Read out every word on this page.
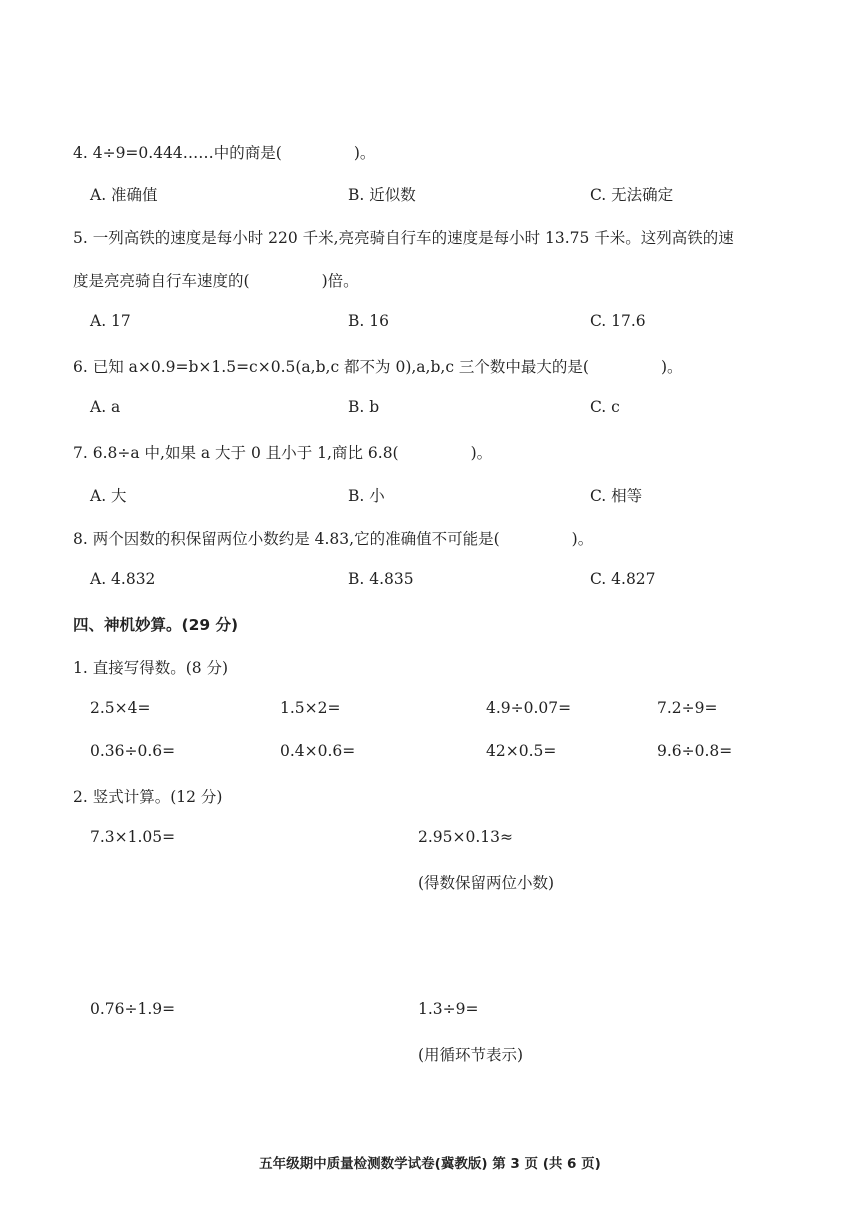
4. 4÷9=0.444……中的商是(	)。
A. 准确值	B. 近似数	C. 无法确定
5. 一列高铁的速度是每小时 220 千米,亮亮骑自行车的速度是每小时 13.75 千米。这列高铁的速
度是亮亮骑自行车速度的(	)倍。
A. 17	B. 16	C. 17.6
6. 已知 a×0.9=b×1.5=c×0.5(a,b,c 都不为 0),a,b,c 三个数中最大的是(	)。
A. a	B. b	C. c
7. 6.8÷a 中,如果 a 大于 0 且小于 1,商比 6.8(	)。
A. 大	B. 小	C. 相等
8. 两个因数的积保留两位小数约是 4.83,它的准确值不可能是(	)。
A. 4.832	B. 4.835	C. 4.827
四、神机妙算。(29 分)
1. 直接写得数。(8 分)
2.5×4=	1.5×2=	4.9÷0.07=	7.2÷9=
0.36÷0.6=	0.4×0.6=	42×0.5=	9.6÷0.8=
2. 竖式计算。(12 分)
7.3×1.05=	2.95×0.13≈
(得数保留两位小数)
0.76÷1.9=	1.3÷9=
(用循环节表示)
五年级期中质量检测数学试卷(冀教版) 第 3 页 (共 6 页)
